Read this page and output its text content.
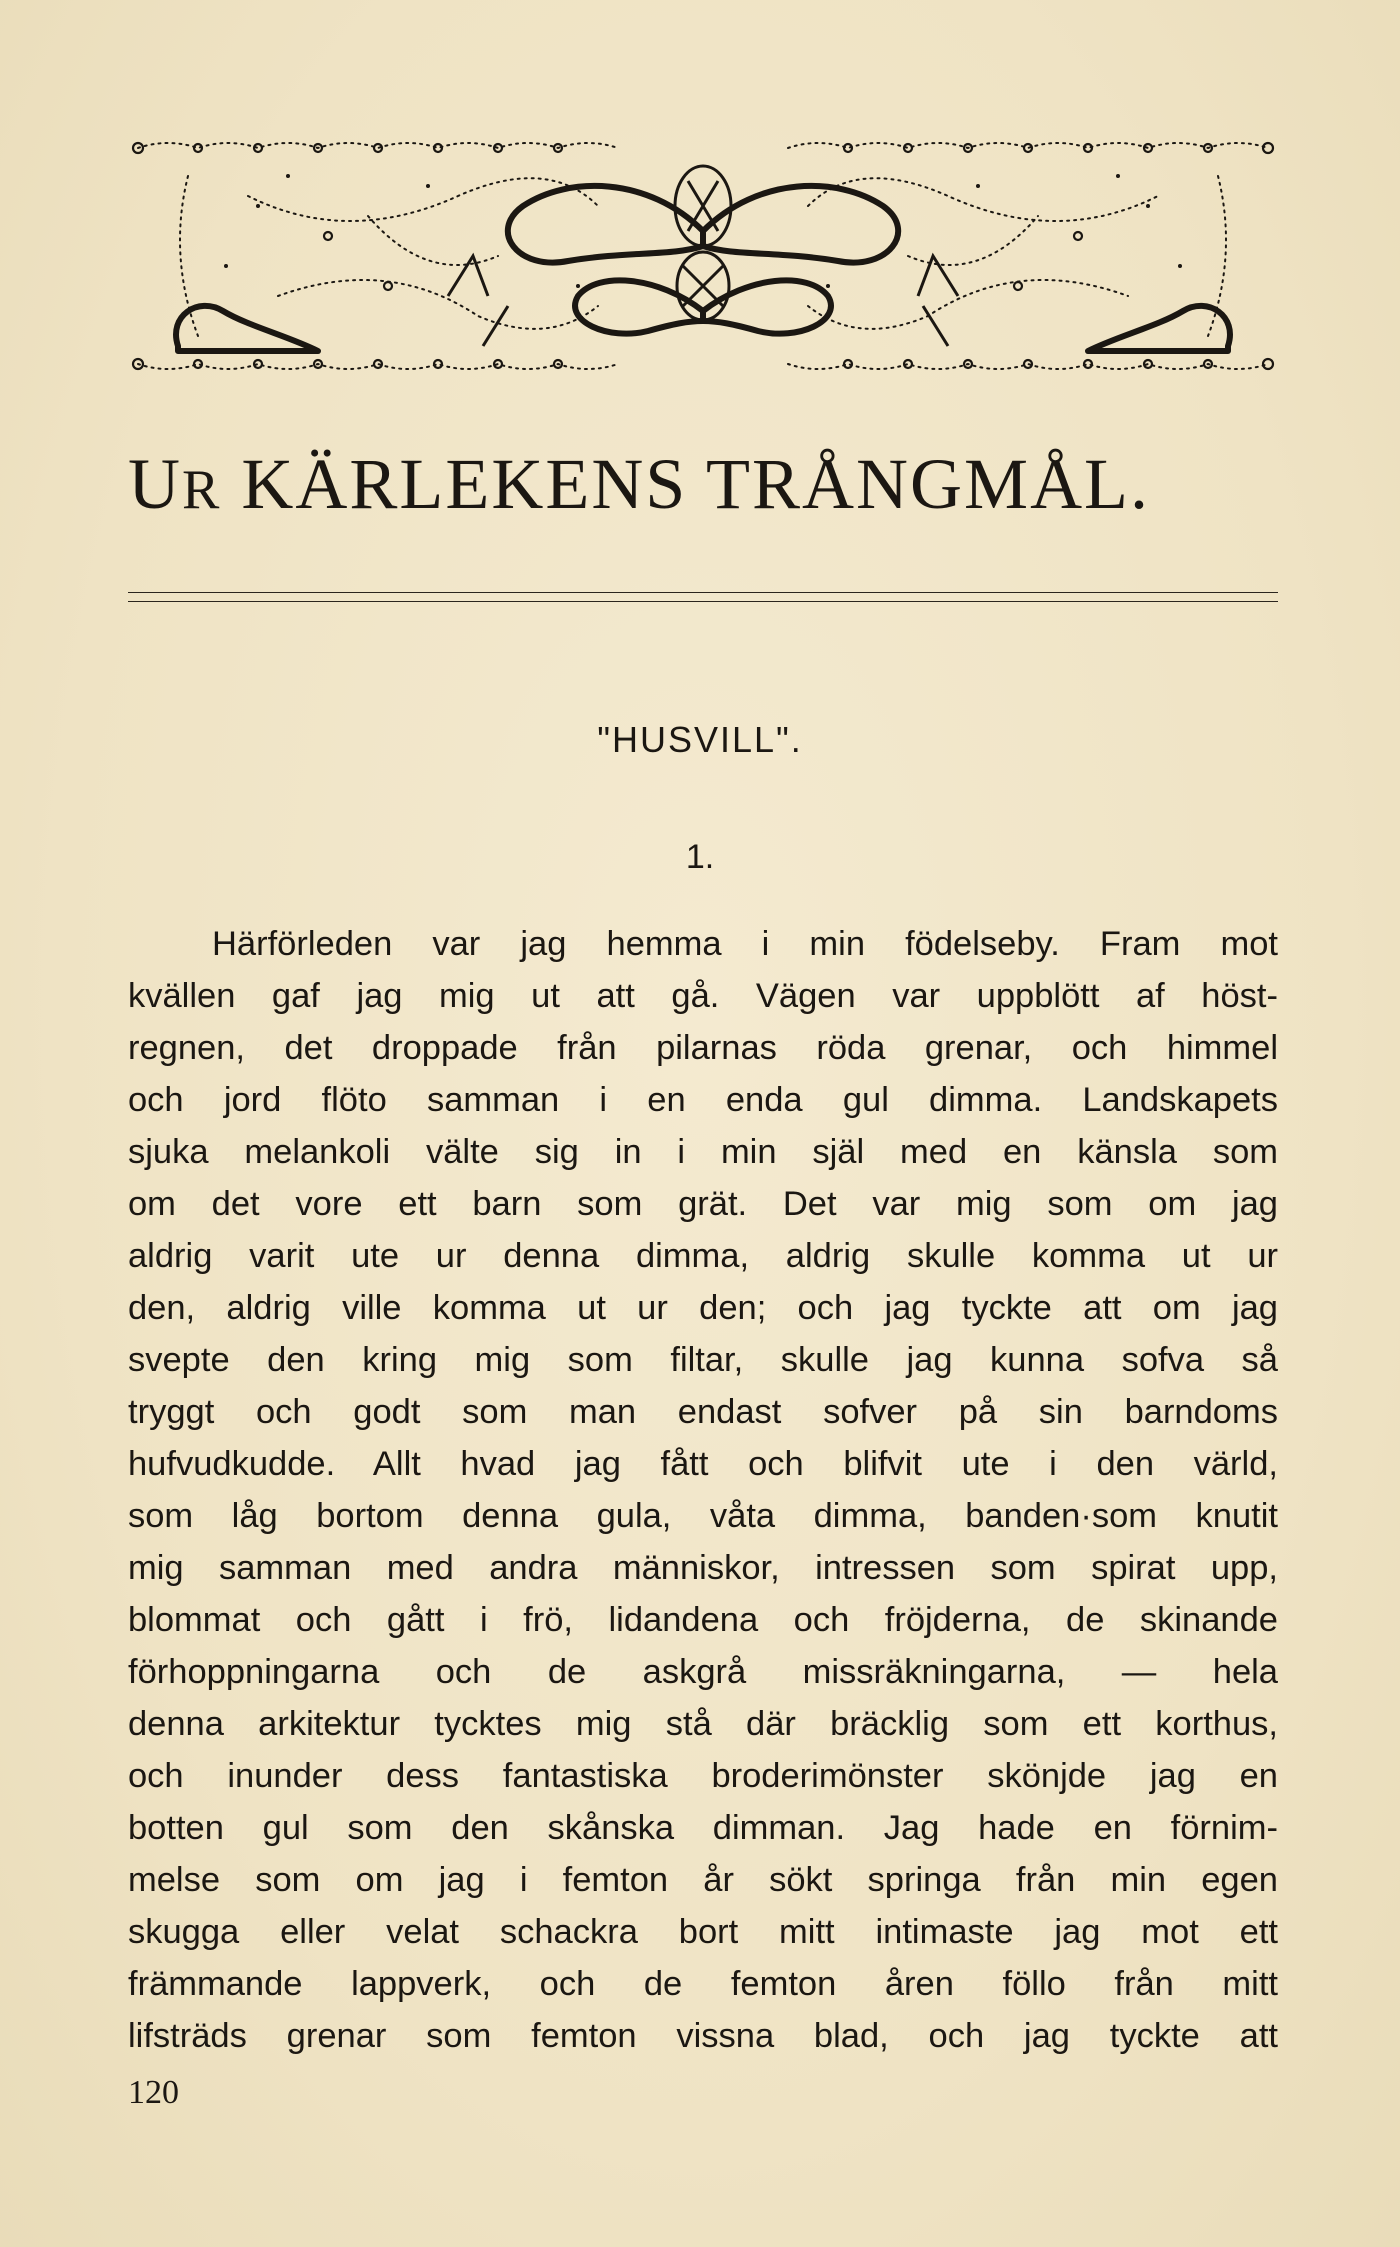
UR KÄRLEKENS TRÅNGMÅL.
"HUSVILL".
1.
Härförleden var jag hemma i min födelseby. Fram mot
kvällen gaf jag mig ut att gå. Vägen var uppblött af höst-
regnen, det droppade från pilarnas röda grenar, och himmel
och jord flöto samman i en enda gul dimma. Landskapets
sjuka melankoli välte sig in i min själ med en känsla som
om det vore ett barn som grät. Det var mig som om jag
aldrig varit ute ur denna dimma, aldrig skulle komma ut ur
den, aldrig ville komma ut ur den; och jag tyckte att om jag
svepte den kring mig som filtar, skulle jag kunna sofva så
tryggt och godt som man endast sofver på sin barndoms
hufvudkudde. Allt hvad jag fått och blifvit ute i den värld,
som låg bortom denna gula, våta dimma, banden·som knutit
mig samman med andra människor, intressen som spirat upp,
blommat och gått i frö, lidandena och fröjderna, de skinande
förhoppningarna och de askgrå missräkningarna, — hela
denna arkitektur tycktes mig stå där bräcklig som ett korthus,
och inunder dess fantastiska broderimönster skönjde jag en
botten gul som den skånska dimman. Jag hade en förnim-
melse som om jag i femton år sökt springa från min egen
skugga eller velat schackra bort mitt intimaste jag mot ett
främmande lappverk, och de femton åren föllo från mitt
lifsträds grenar som femton vissna blad, och jag tyckte att
120
